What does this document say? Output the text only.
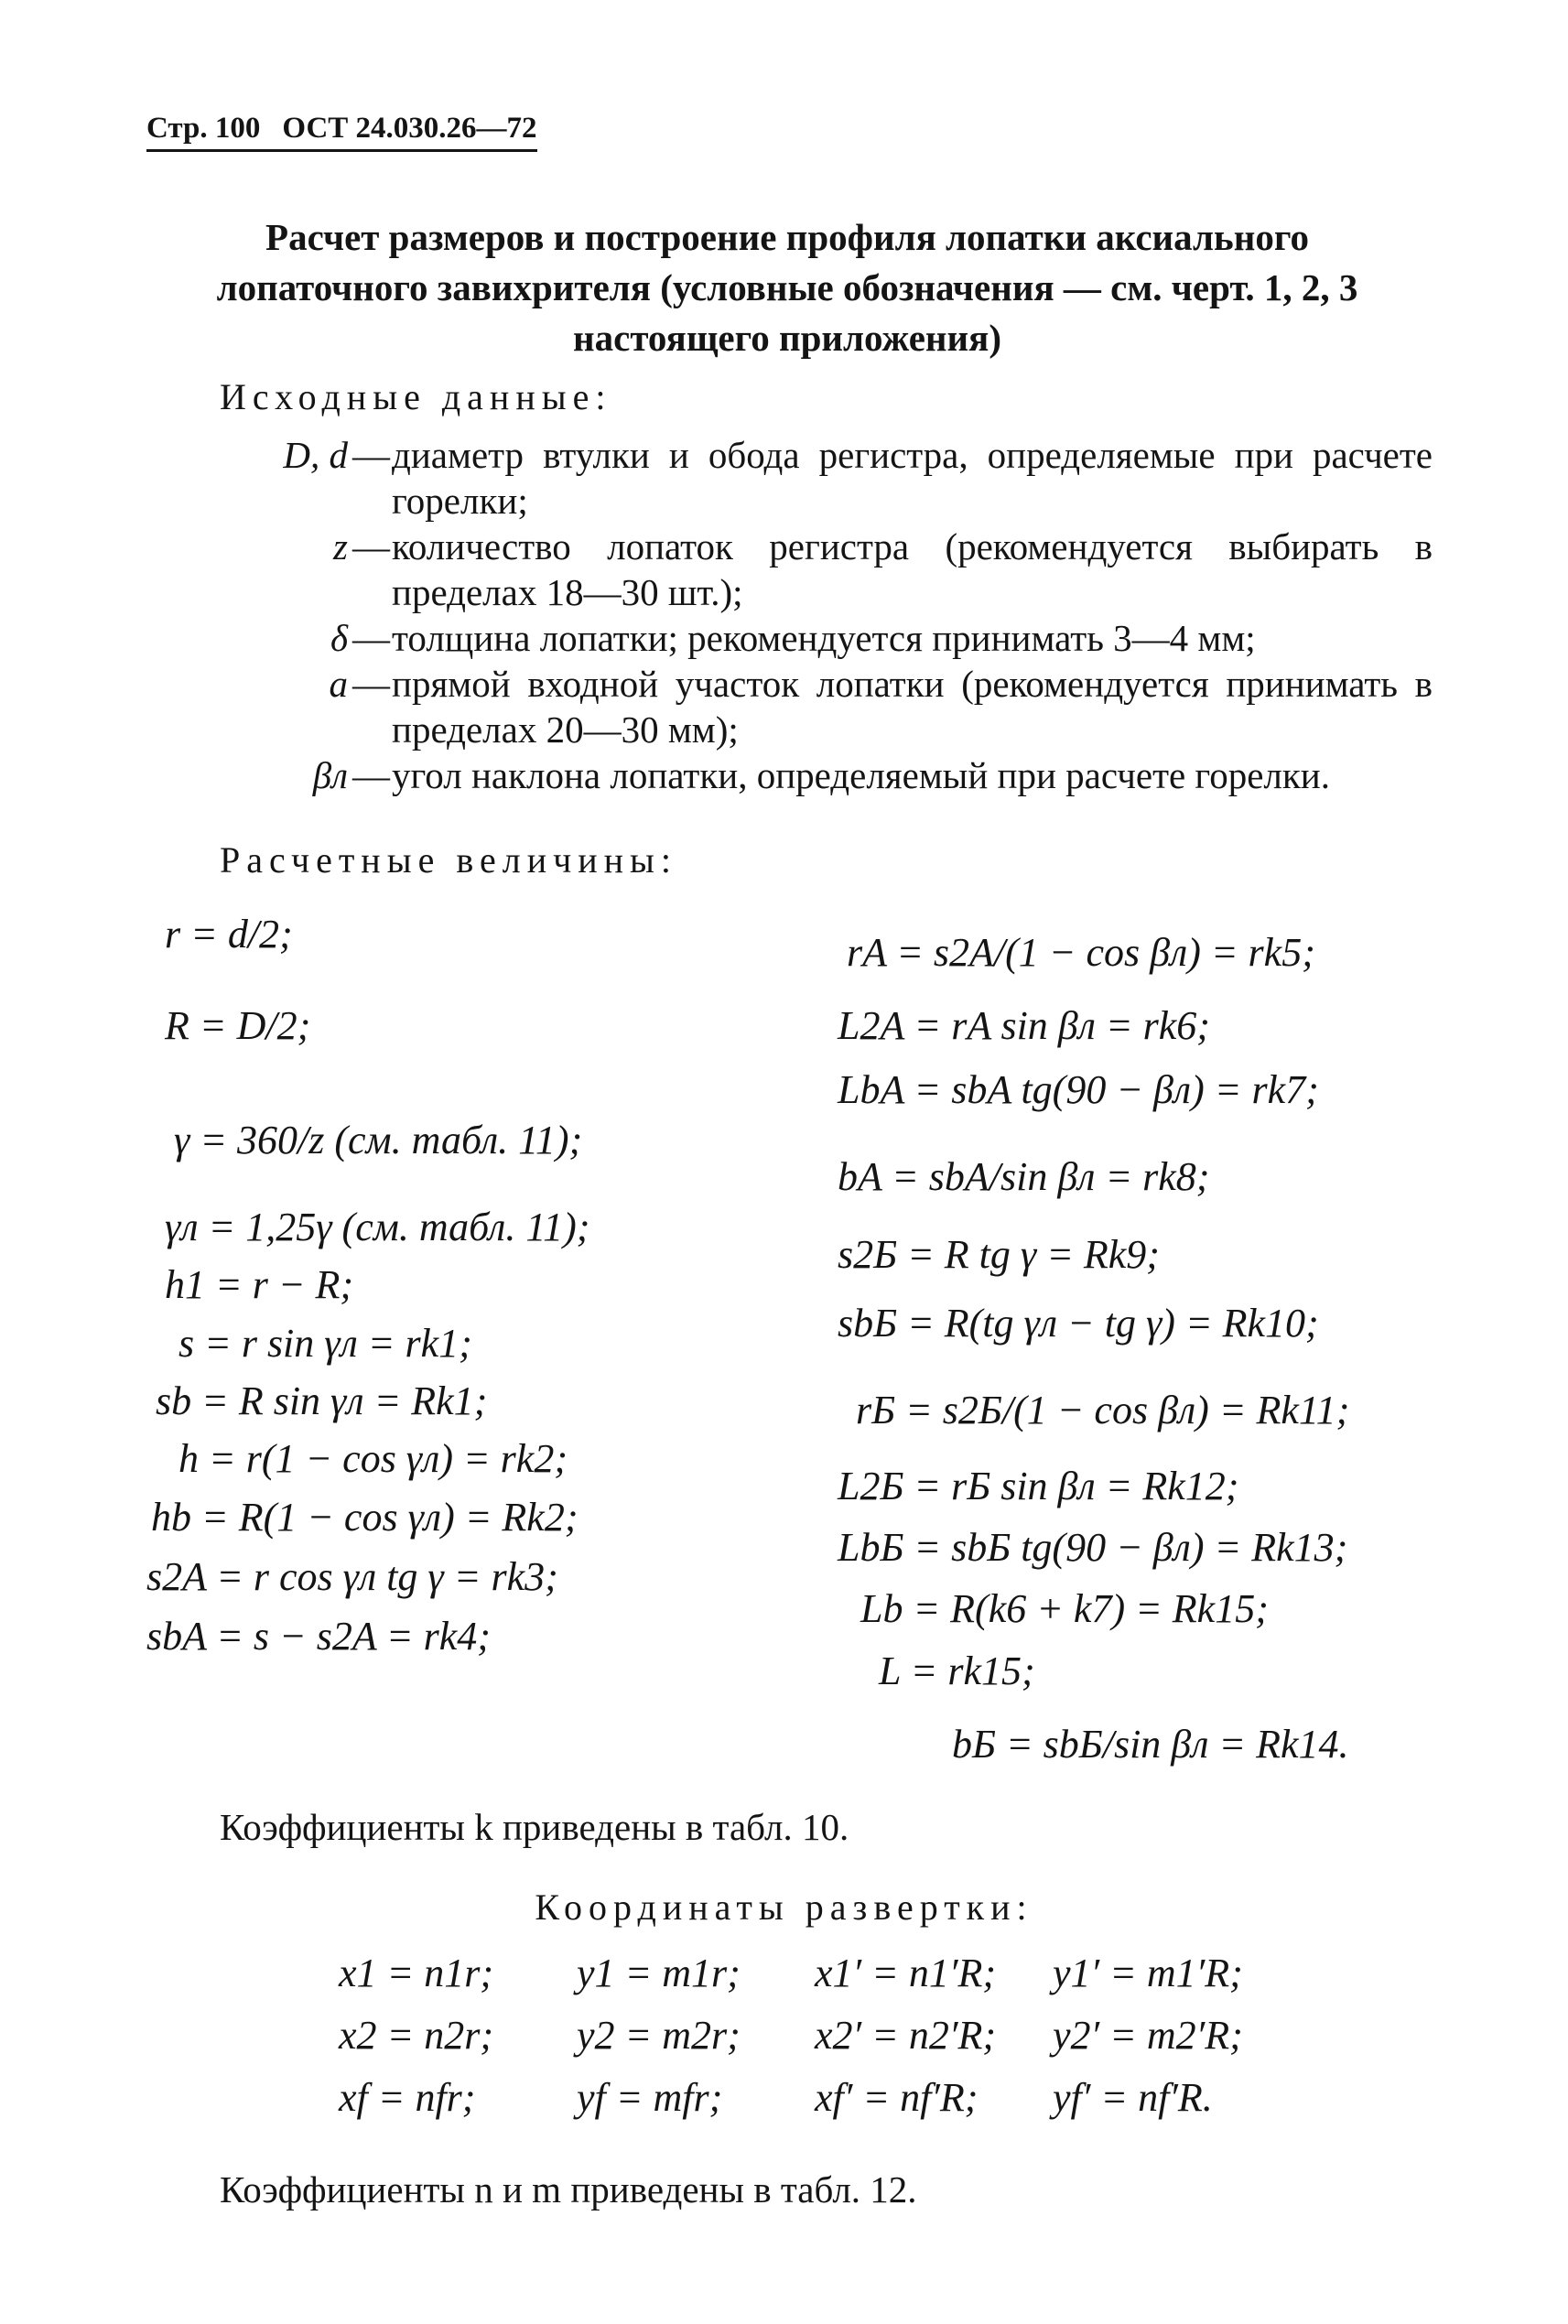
Стр. 100 ОСТ 24.030.26—72
Расчет размеров и построение профиля лопатки аксиального
лопаточного завихрителя (условные обозначения — см. черт. 1, 2, 3
настоящего приложения)
Исходные данные:
D, d — диаметр втулки и обода регистра, определяемые при расчете горелки;
z — количество лопаток регистра (рекомендуется выбирать в пределах 18—30 шт.);
δ — толщина лопатки; рекомендуется принимать 3—4 мм;
a — прямой входной участок лопатки (рекомендуется принимать в пределах 20—30 мм);
βл — угол наклона лопатки, определяемый при расчете горелки.
Расчетные величины:
r = d/2;
R = D/2;
γ = 360/z (см. табл. 11);
γл = 1,25γ (см. табл. 11);
h1 = r − R;
s = r sin γл = rk1;
sb = R sin γл = Rk1;
h = r(1 − cos γл) = rk2;
hb = R(1 − cos γл) = Rk2;
s2A = r cos γл tg γ = rk3;
sbA = s − s2A = rk4;
rA = s2A/(1 − cos βл) = rk5;
L2A = rA sin βл = rk6;
LbA = sbA tg(90 − βл) = rk7;
bA = sbA/sin βл = rk8;
s2Б = R tg γ = Rk9;
sbБ = R(tg γл − tg γ) = Rk10;
rБ = s2Б/(1 − cos βл) = Rk11;
L2Б = rБ sin βл = Rk12;
LbБ = sbБ tg(90 − βл) = Rk13;
Lb = R(k6 + k7) = Rk15;
L = rk15;
bБ = sbБ/sin βл = Rk14.
Коэффициенты k приведены в табл. 10.
Координаты развертки:
x1 = n1r; y1 = m1r; x1′ = n1′R; y1′ = m1′R;
x2 = n2r; y2 = m2r; x2′ = n2′R; y2′ = m2′R;
xf = nfr;	yf = mfr; xf′ = nf′R; yf′ = nf′R.
Коэффициенты n и m приведены в табл. 12.
